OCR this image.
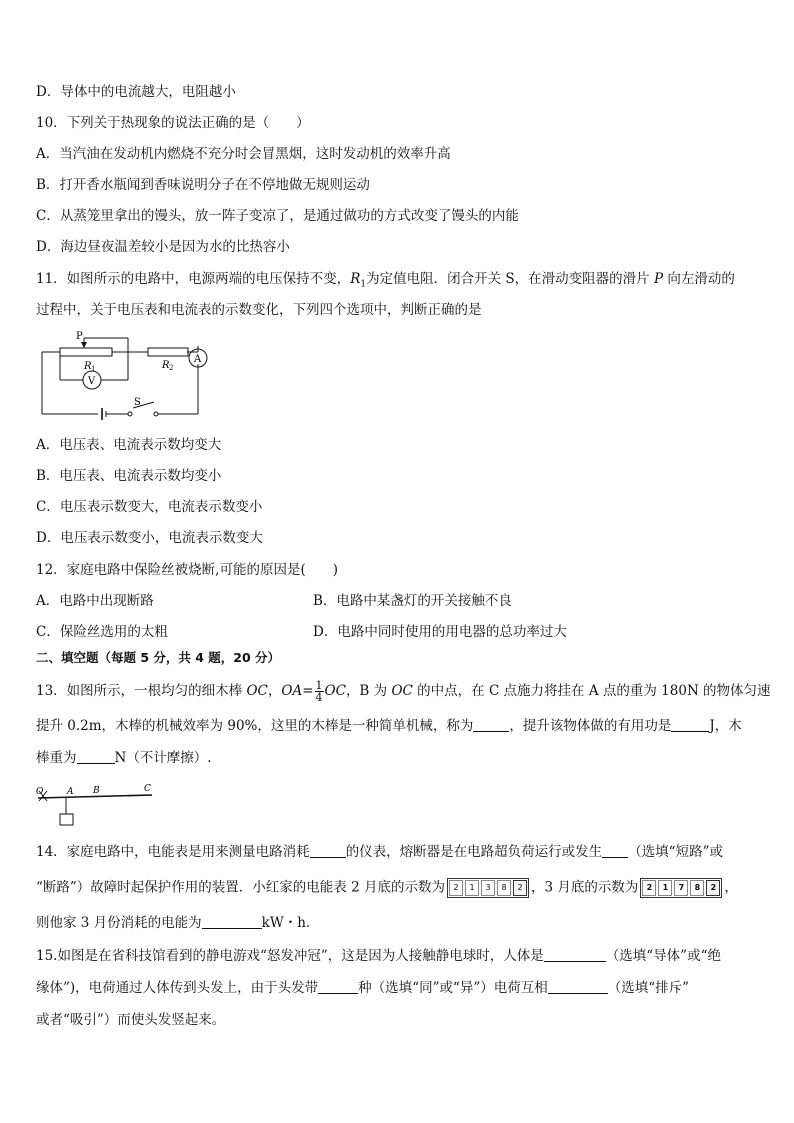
D．导体中的电流越大，电阻越小
10．下列关于热现象的说法正确的是（　　）
A．当汽油在发动机内燃烧不充分时会冒黑烟，这时发动机的效率升高
B．打开香水瓶闻到香味说明分子在不停地做无规则运动
C．从蒸笼里拿出的馒头，放一阵子变凉了，是通过做功的方式改变了馒头的内能
D．海边昼夜温差较小是因为水的比热容小
11．如图所示的电路中，电源两端的电压保持不变，$R_1$为定值电阻．闭合开关 S，在滑动变阻器的滑片 P 向左滑动的
过程中，关于电压表和电流表的示数变化，下列四个选项中，判断正确的是
P
R 1	R 2
V
A
S
A．电压表、电流表示数均变大
B．电压表、电流表示数均变小
C．电压表示数变大，电流表示数变小
D．电压表示数变小，电流表示数变大
12．家庭电路中保险丝被烧断,可能的原因是(　　)
A．电路中出现断路	B．电路中某盏灯的开关接触不良
C．保险丝选用的太粗	D．电路中同时使用的用电器的总功率过大
二、填空题（每题 5 分，共 4 题，20 分）
13．如图所示，一根均匀的细木棒 OC，$OA= \frac{1}{4}$ OC，B 为 OC 的中点，在 C 点施力将挂在 A 点的重为 180N 的物体匀速
提升 0.2m，木棒的机械效率为 90%，这里的木棒是一种简单机械，称为	，提升该物体做的有用功是	J，木
棒重为	N（不计摩擦）.
O	A B	C
14．家庭电路中，电能表是用来测量电路消耗	的仪表，熔断器是在电路超负荷运行或发生 （选填“短路”或
“断路”）故障时起保护作用的装置．小红家的电能表 2 月底的示数为 2 1 3 8 2 ，3 月底的示数为 2 1 7 8 2 ，
则他家 3 月份消耗的电能为	kW・h.
15.如图是在省科技馆看到的静电游戏“怒发冲冠”，这是因为人接触静电球时，人体是	（选填“导体”或“绝
缘体”)，电荷通过人体传到头发上，由于头发带	种（选填“同”或“异”）电荷互相	（选填“排斥”
或者“吸引”）而使头发竖起来。
